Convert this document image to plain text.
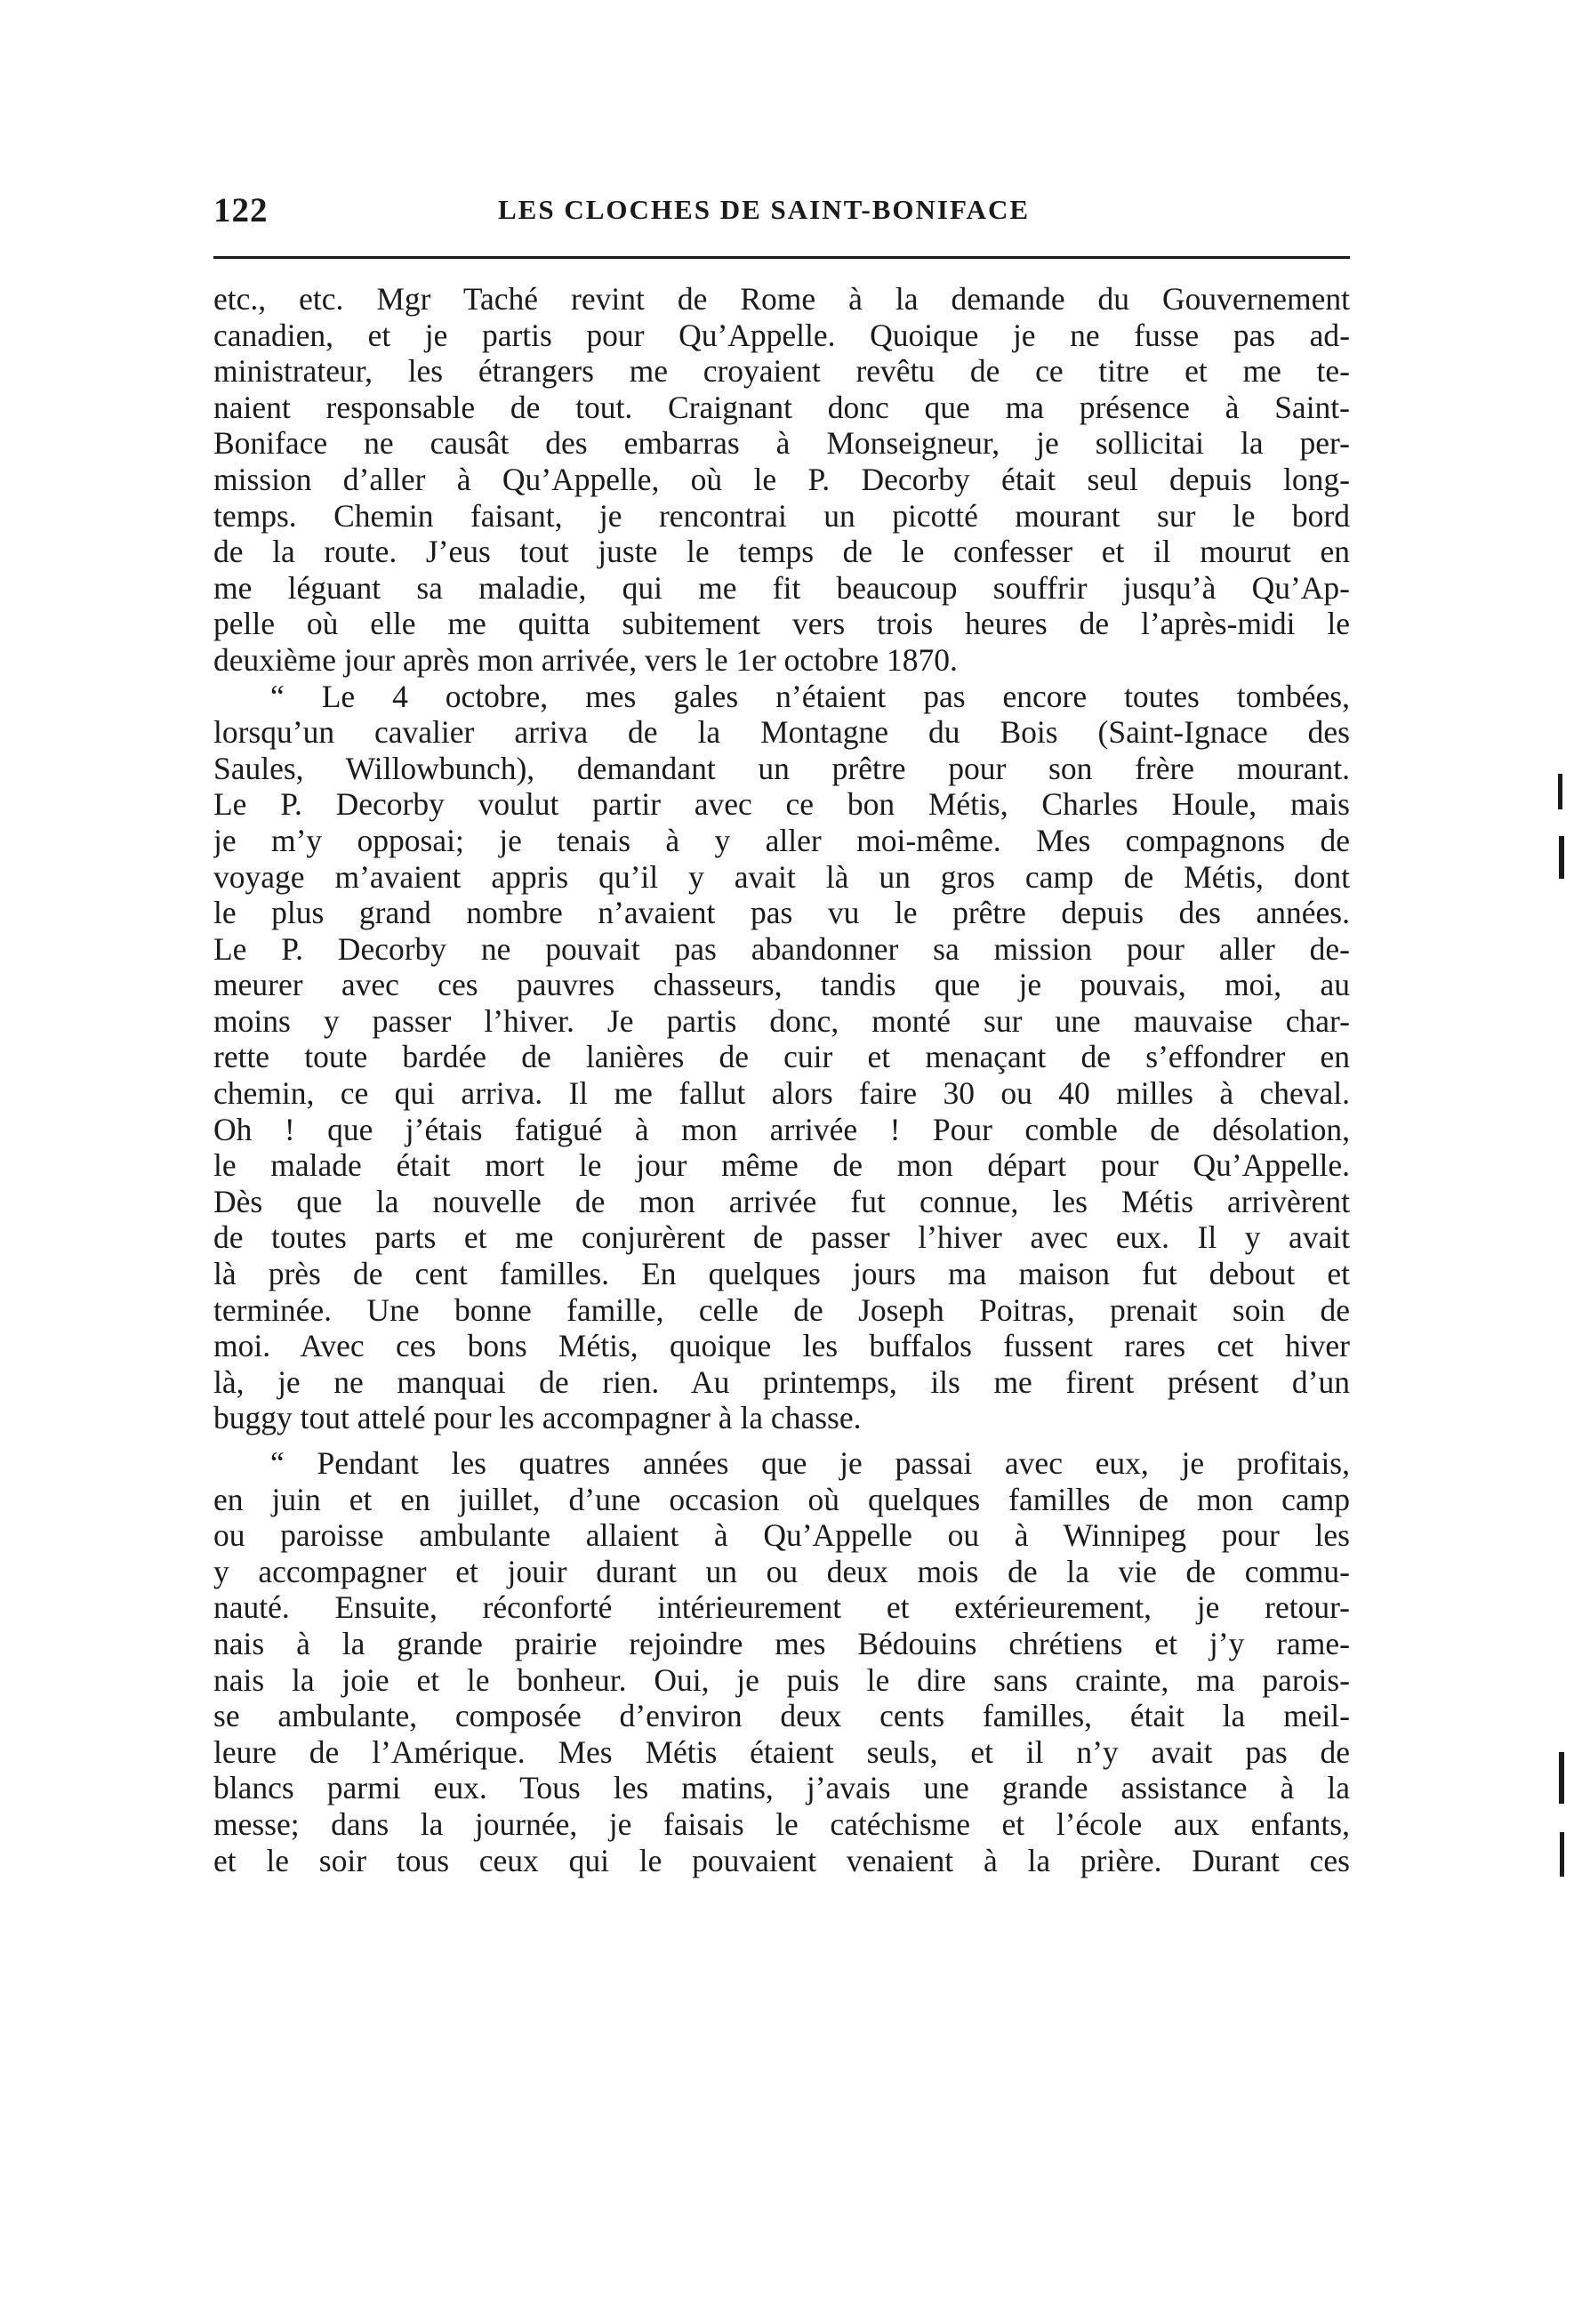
122	LES CLOCHES DE SAINT-BONIFACE
etc., etc. Mgr Taché revint de Rome à la demande du Gouvernement
canadien, et je partis pour Qu’Appelle. Quoique je ne fusse pas ad-
ministrateur, les étrangers me croyaient revêtu de ce titre et me te-
naient responsable de tout. Craignant donc que ma présence à Saint-
Boniface ne causât des embarras à Monseigneur, je sollicitai la per-
mission d’aller à Qu’Appelle, où le P. Decorby était seul depuis long-
temps. Chemin faisant, je rencontrai un picotté mourant sur le bord
de la route. J’eus tout juste le temps de le confesser et il mourut en
me léguant sa maladie, qui me fit beaucoup souffrir jusqu’à Qu’Ap-
pelle où elle me quitta subitement vers trois heures de l’après-midi le
deuxième jour après mon arrivée, vers le 1er octobre 1870.
“ Le 4 octobre, mes gales n’étaient pas encore toutes tombées,
lorsqu’un cavalier arriva de la Montagne du Bois (Saint-Ignace des
Saules, Willowbunch), demandant un prêtre pour son frère mourant.
Le P. Decorby voulut partir avec ce bon Métis, Charles Houle, mais
je m’y opposai; je tenais à y aller moi-même. Mes compagnons de
voyage m’avaient appris qu’il y avait là un gros camp de Métis, dont
le plus grand nombre n’avaient pas vu le prêtre depuis des années.
Le P. Decorby ne pouvait pas abandonner sa mission pour aller de-
meurer avec ces pauvres chasseurs, tandis que je pouvais, moi, au
moins y passer l’hiver. Je partis donc, monté sur une mauvaise char-
rette toute bardée de lanières de cuir et menaçant de s’effondrer en
chemin, ce qui arriva. Il me fallut alors faire 30 ou 40 milles à cheval.
Oh ! que j’étais fatigué à mon arrivée ! Pour comble de désolation,
le malade était mort le jour même de mon départ pour Qu’Appelle.
Dès que la nouvelle de mon arrivée fut connue, les Métis arrivèrent
de toutes parts et me conjurèrent de passer l’hiver avec eux. Il y avait
là près de cent familles. En quelques jours ma maison fut debout et
terminée. Une bonne famille, celle de Joseph Poitras, prenait soin de
moi. Avec ces bons Métis, quoique les buffalos fussent rares cet hiver
là, je ne manquai de rien. Au printemps, ils me firent présent d’un
buggy tout attelé pour les accompagner à la chasse.
“ Pendant les quatres années que je passai avec eux, je profitais,
en juin et en juillet, d’une occasion où quelques familles de mon camp
ou paroisse ambulante allaient à Qu’Appelle ou à Winnipeg pour les
y accompagner et jouir durant un ou deux mois de la vie de commu-
nauté. Ensuite, réconforté intérieurement et extérieurement, je retour-
nais à la grande prairie rejoindre mes Bédouins chrétiens et j’y rame-
nais la joie et le bonheur. Oui, je puis le dire sans crainte, ma parois-
se ambulante, composée d’environ deux cents familles, était la meil-
leure de l’Amérique. Mes Métis étaient seuls, et il n’y avait pas de
blancs parmi eux. Tous les matins, j’avais une grande assistance à la
messe; dans la journée, je faisais le catéchisme et l’école aux enfants,
et le soir tous ceux qui le pouvaient venaient à la prière. Durant ces
